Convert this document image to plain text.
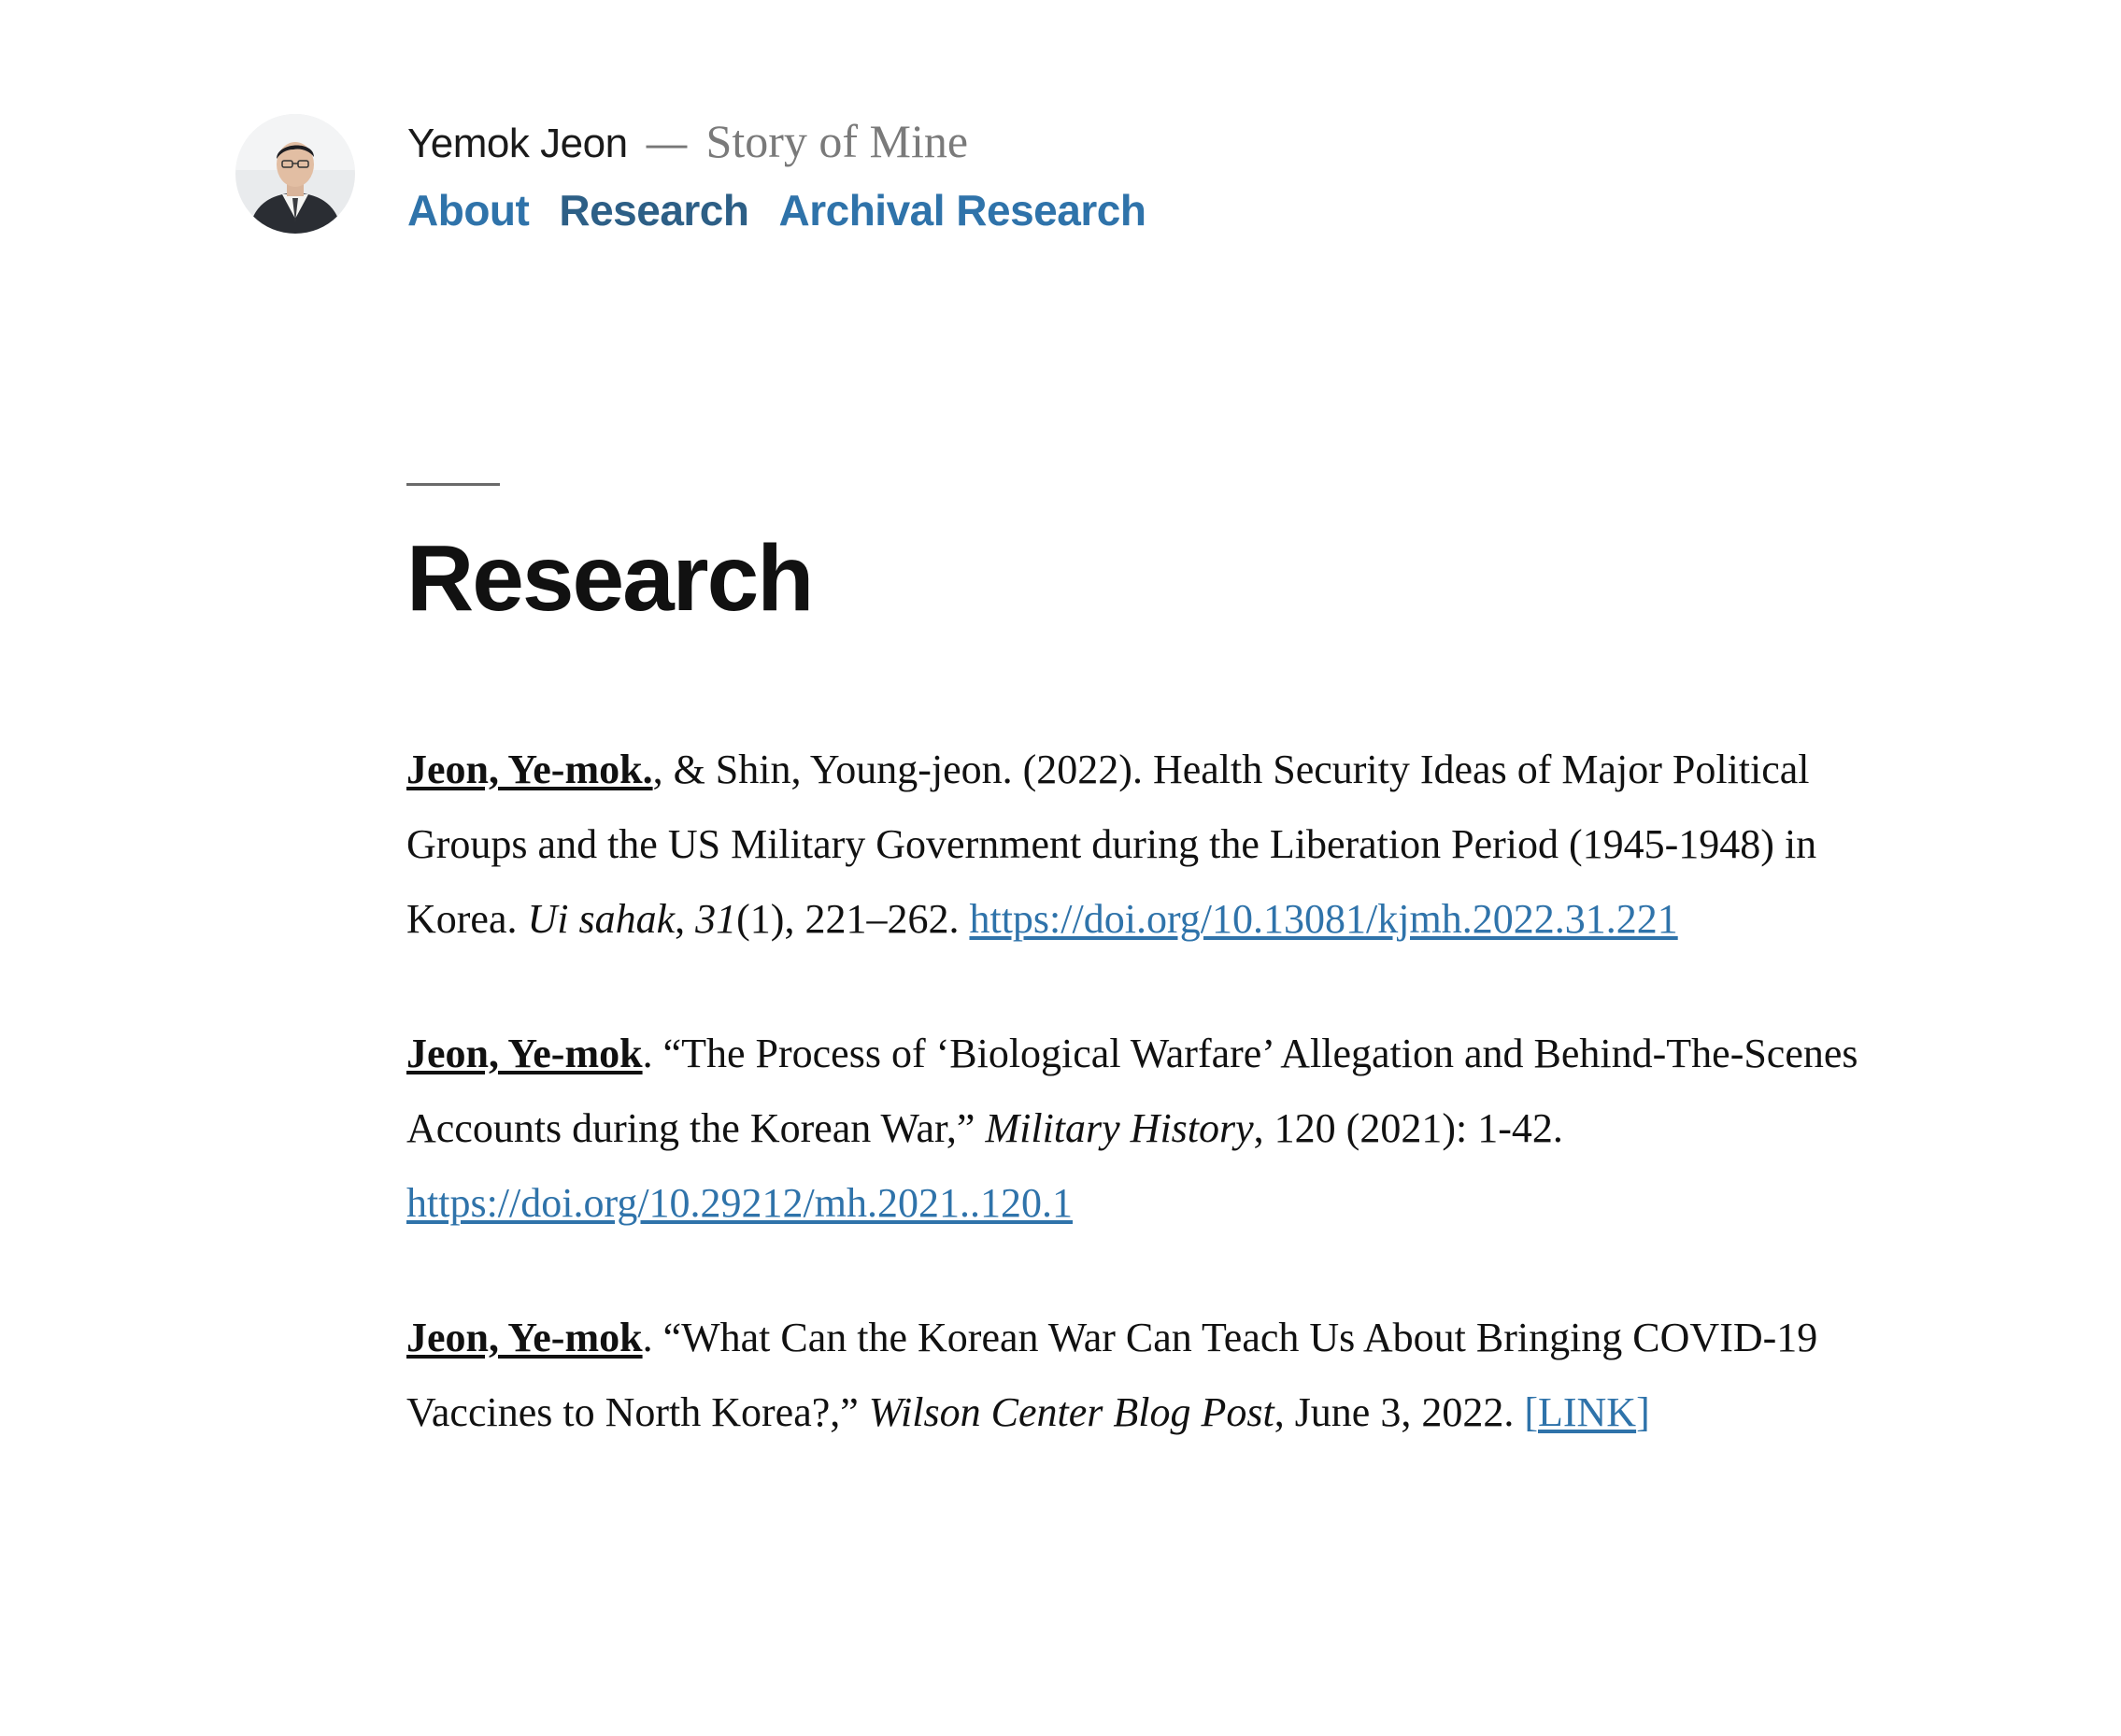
Yemok Jeon — Story of Mine
About Research Archival Research
Research

Jeon, Ye-mok., & Shin, Young-jeon. (2022). Health Security Ideas of Major Political Groups and the US Military Government during the Liberation Period (1945-1948) in Korea. Ui sahak, 31(1), 221–262. https://doi.org/10.13081/kjmh.2022.31.221

Jeon, Ye-mok. “The Process of ‘Biological Warfare’ Allegation and Behind-The-Scenes Accounts during the Korean War,” Military History, 120 (2021): 1-42.
https://doi.org/10.29212/mh.2021..120.1

Jeon, Ye-mok. “What Can the Korean War Can Teach Us About Bringing COVID-19 Vaccines to North Korea?,” Wilson Center Blog Post, June 3, 2022. [LINK]
